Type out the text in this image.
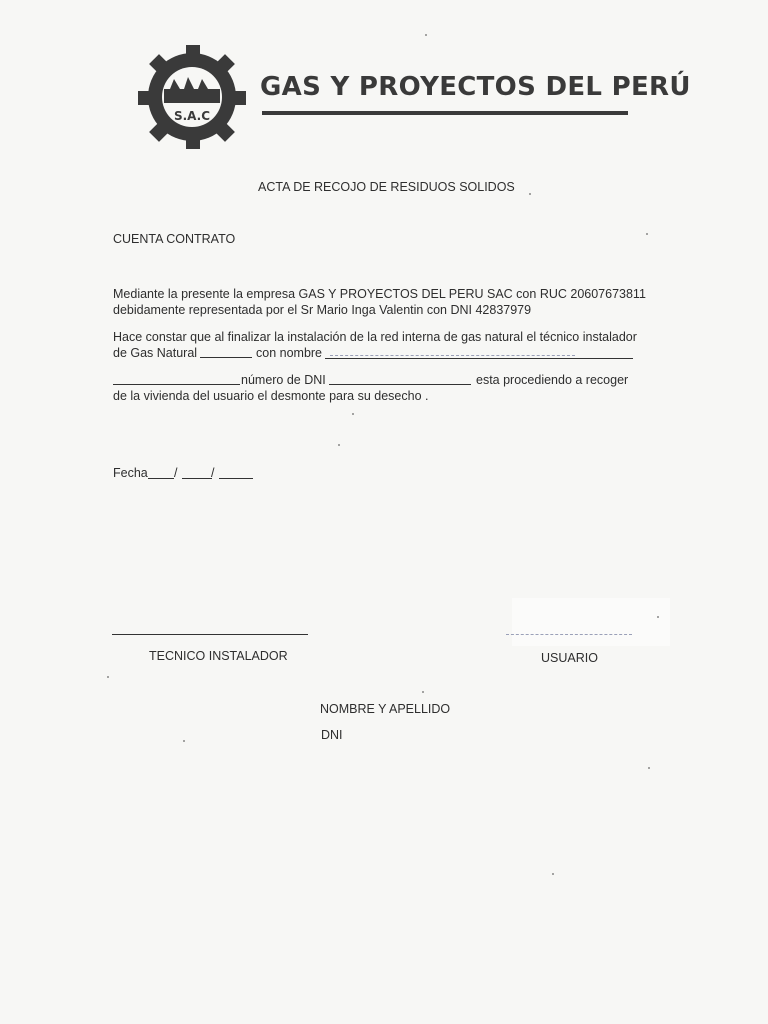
S.A.C
GAS Y PROYECTOS DEL PERÚ
ACTA DE RECOJO DE RESIDUOS SOLIDOS
CUENTA CONTRATO
Mediante la presente la empresa GAS Y PROYECTOS DEL PERU SAC con RUC 20607673811
debidamente representada por el Sr Mario Inga Valentin con DNI 42837979
Hace constar que al finalizar la instalación de la red interna de gas natural el técnico instalador
de Gas Natural	con nombre
número de DNI	esta procediendo a recoger
de la vivienda del usuario el desmonte para su desecho .
Fecha /	/
TECNICO INSTALADOR	USUARIO
NOMBRE Y APELLIDO
DNI
